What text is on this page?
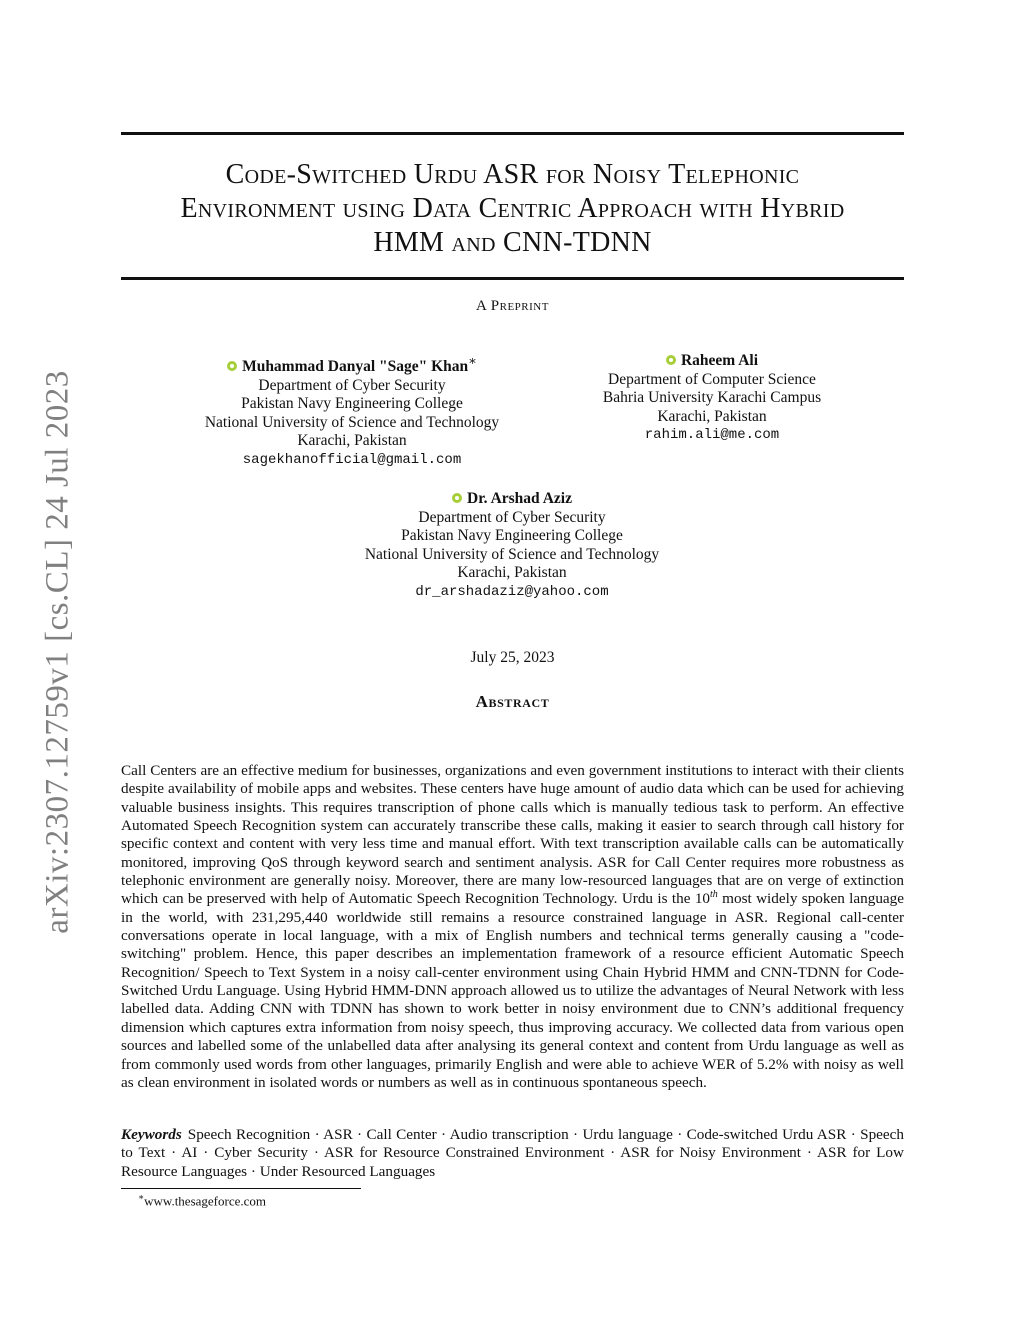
arXiv:2307.12759v1 [cs.CL] 24 Jul 2023
Code-Switched Urdu ASR for Noisy Telephonic
Environment using Data Centric Approach with Hybrid
HMM and CNN-TDNN
A Preprint
Muhammad Danyal "Sage" Khan∗
Department of Cyber Security
Pakistan Navy Engineering College
National University of Science and Technology
Karachi, Pakistan
sagekhanofficial@gmail.com
Raheem Ali
Department of Computer Science
Bahria University Karachi Campus
Karachi, Pakistan
rahim.ali@me.com
Dr. Arshad Aziz
Department of Cyber Security
Pakistan Navy Engineering College
National University of Science and Technology
Karachi, Pakistan
dr_arshadaziz@yahoo.com
July 25, 2023
Abstract
Call Centers are an effective medium for businesses, organizations and even government institutions to interact with their clients despite availability of mobile apps and websites. These centers have huge amount of audio data which can be used for achieving valuable business insights. This requires transcription of phone calls which is manually tedious task to perform. An effective Automated Speech Recognition system can accurately transcribe these calls, making it easier to search through call history for specific context and content with very less time and manual effort. With text transcription available calls can be automatically monitored, improving QoS through keyword search and sentiment analysis. ASR for Call Center requires more robustness as telephonic environment are generally noisy. Moreover, there are many low-resourced languages that are on verge of extinction which can be preserved with help of Automatic Speech Recognition Technology. Urdu is the 10th most widely spoken language in the world, with 231,295,440 worldwide still remains a resource constrained language in ASR. Regional call-center conversations operate in local language, with a mix of English numbers and technical terms generally causing a "code-switching" problem. Hence, this paper describes an implementation framework of a resource efficient Automatic Speech Recognition/ Speech to Text System in a noisy call-center environment using Chain Hybrid HMM and CNN-TDNN for Code-Switched Urdu Language. Using Hybrid HMM-DNN approach allowed us to utilize the advantages of Neural Network with less labelled data. Adding CNN with TDNN has shown to work better in noisy environment due to CNN’s additional frequency dimension which captures extra information from noisy speech, thus improving accuracy. We collected data from various open sources and labelled some of the unlabelled data after analysing its general context and content from Urdu language as well as from commonly used words from other languages, primarily English and were able to achieve WER of 5.2% with noisy as well as clean environment in isolated words or numbers as well as in continuous spontaneous speech.
Keywords Speech Recognition · ASR · Call Center · Audio transcription · Urdu language · Code-switched Urdu ASR · Speech to Text · AI · Cyber Security · ASR for Resource Constrained Environment · ASR for Noisy Environment · ASR for Low Resource Languages · Under Resourced Languages
∗www.thesageforce.com
